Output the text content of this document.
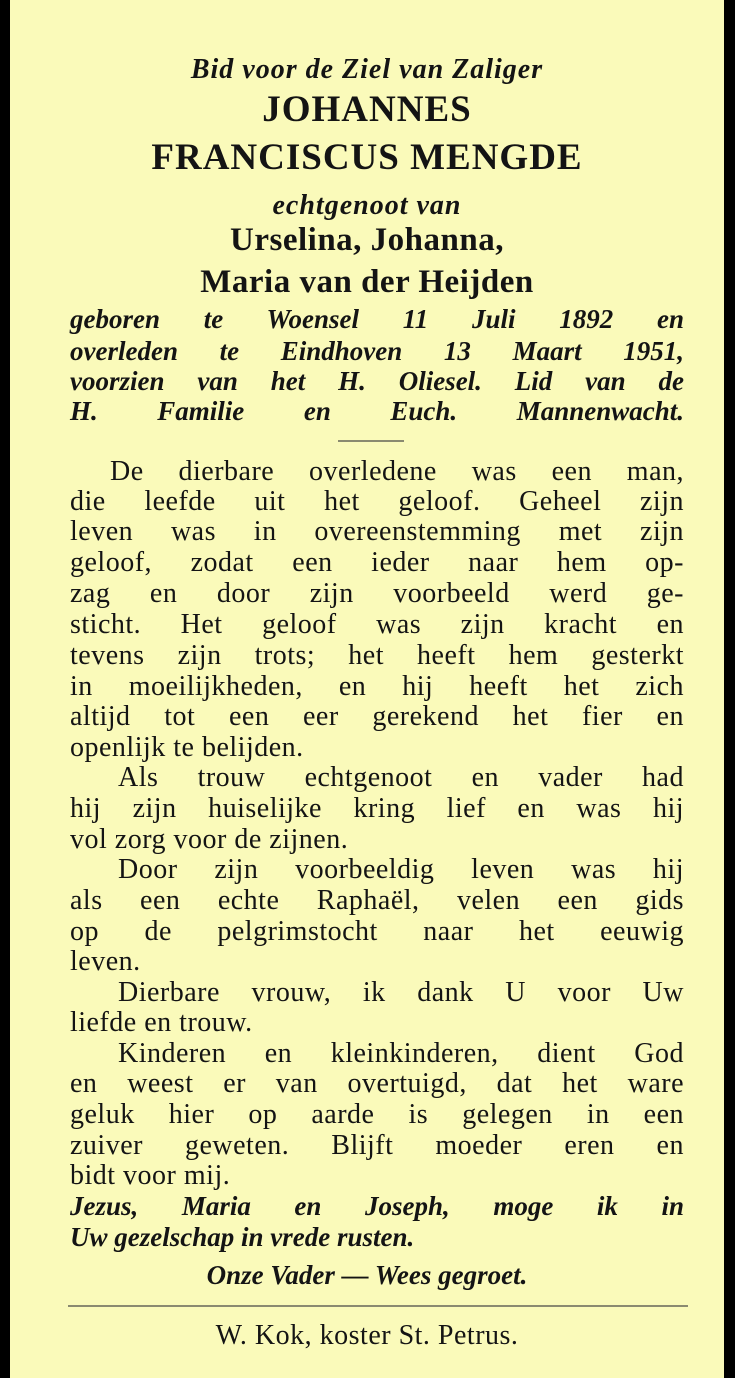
Bid voor de Ziel van Zaliger
JOHANNES
FRANCISCUS MENGDE
echtgenoot van
Urselina, Johanna,
Maria van der Heijden
geboren te Woensel 11 Juli 1892 en
overleden te Eindhoven 13 Maart 1951,
voorzien van het H. Oliesel. Lid van de
H. Familie en Euch. Mannenwacht.
De dierbare overledene was een man,
die leefde uit het geloof. Geheel zijn
leven was in overeenstemming met zijn
geloof, zodat een ieder naar hem op-
zag en door zijn voorbeeld werd ge-
sticht. Het geloof was zijn kracht en
tevens zijn trots; het heeft hem gesterkt
in moeilijkheden, en hij heeft het zich
altijd tot een eer gerekend het fier en
openlijk te belijden.
Als trouw echtgenoot en vader had
hij zijn huiselijke kring lief en was hij
vol zorg voor de zijnen.
Door zijn voorbeeldig leven was hij
als een echte Raphaël, velen een gids
op de pelgrimstocht naar het eeuwig
leven.
Dierbare vrouw, ik dank U voor Uw
liefde en trouw.
Kinderen en kleinkinderen, dient God
en weest er van overtuigd, dat het ware
geluk hier op aarde is gelegen in een
zuiver geweten. Blijft moeder eren en
bidt voor mij.
Jezus, Maria en Joseph, moge ik in
Uw gezelschap in vrede rusten.
Onze Vader — Wees gegroet.
W. Kok, koster St. Petrus.
